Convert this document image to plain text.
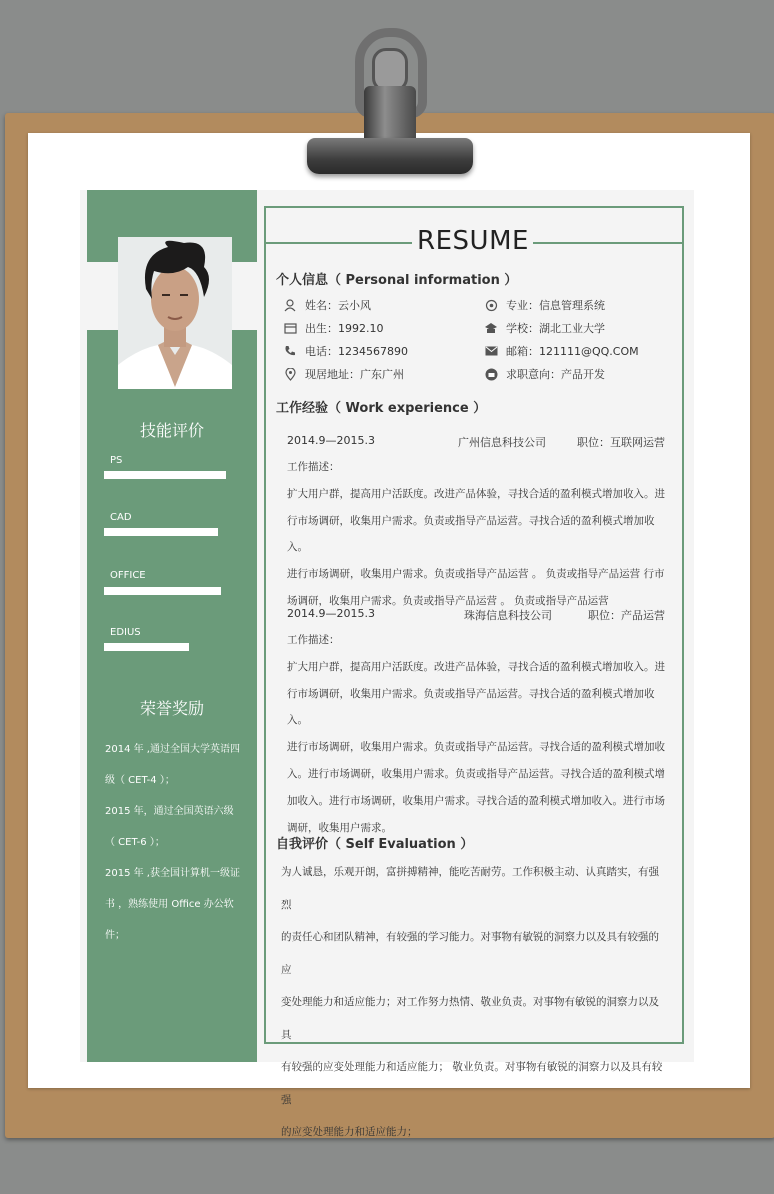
技能评价
PS
CAD
OFFICE
EDIUS
荣誉奖励

2014 年 ,通过全国大学英语四

级（ CET-4 ）；

2015 年，通过全国英语六级

（ CET-6 ）；

2015 年 ,获全国计算机一级证

书 ，熟练使用 Office 办公软

件；

RESUME
个人信息（ Personal information ）
姓名：云小风	专业：信息管理系统
出生：1992.10	学校：湖北工业大学
电话：1234567890	邮箱：121111@QQ.COM
现居地址：广东广州	求职意向：产品开发
工作经验（ Work experience ）
2014.9—2015.3	广州信息科技公司	职位：互联网运营

工作描述：

扩大用户群，提高用户活跃度。改进产品体验，寻找合适的盈利模式增加收入。进

行市场调研，收集用户需求。负责或指导产品运营。寻找合适的盈利模式增加收入。

进行市场调研，收集用户需求。负责或指导产品运营 。 负责或指导产品运营 行市

场调研，收集用户需求。负责或指导产品运营 。 负责或指导产品运营

2014.9—2015.3	珠海信息科技公司	职位：产品运营

工作描述：

扩大用户群，提高用户活跃度。改进产品体验，寻找合适的盈利模式增加收入。进

行市场调研，收集用户需求。负责或指导产品运营。寻找合适的盈利模式增加收入。

进行市场调研，收集用户需求。负责或指导产品运营。寻找合适的盈利模式增加收

入。进行市场调研，收集用户需求。负责或指导产品运营。寻找合适的盈利模式增

加收入。进行市场调研，收集用户需求。寻找合适的盈利模式增加收入。进行市场

调研，收集用户需求。

自我评价（ Self Evaluation ）

为人诚恳，乐观开朗，富拼搏精神，能吃苦耐劳。工作积极主动、认真踏实，有强烈

的责任心和团队精神，有较强的学习能力。对事物有敏锐的洞察力以及具有较强的应

变处理能力和适应能力；对工作努力热情、敬业负责。对事物有敏锐的洞察力以及具

有较强的应变处理能力和适应能力； 敬业负责。对事物有敏锐的洞察力以及具有较强

的应变处理能力和适应能力；
